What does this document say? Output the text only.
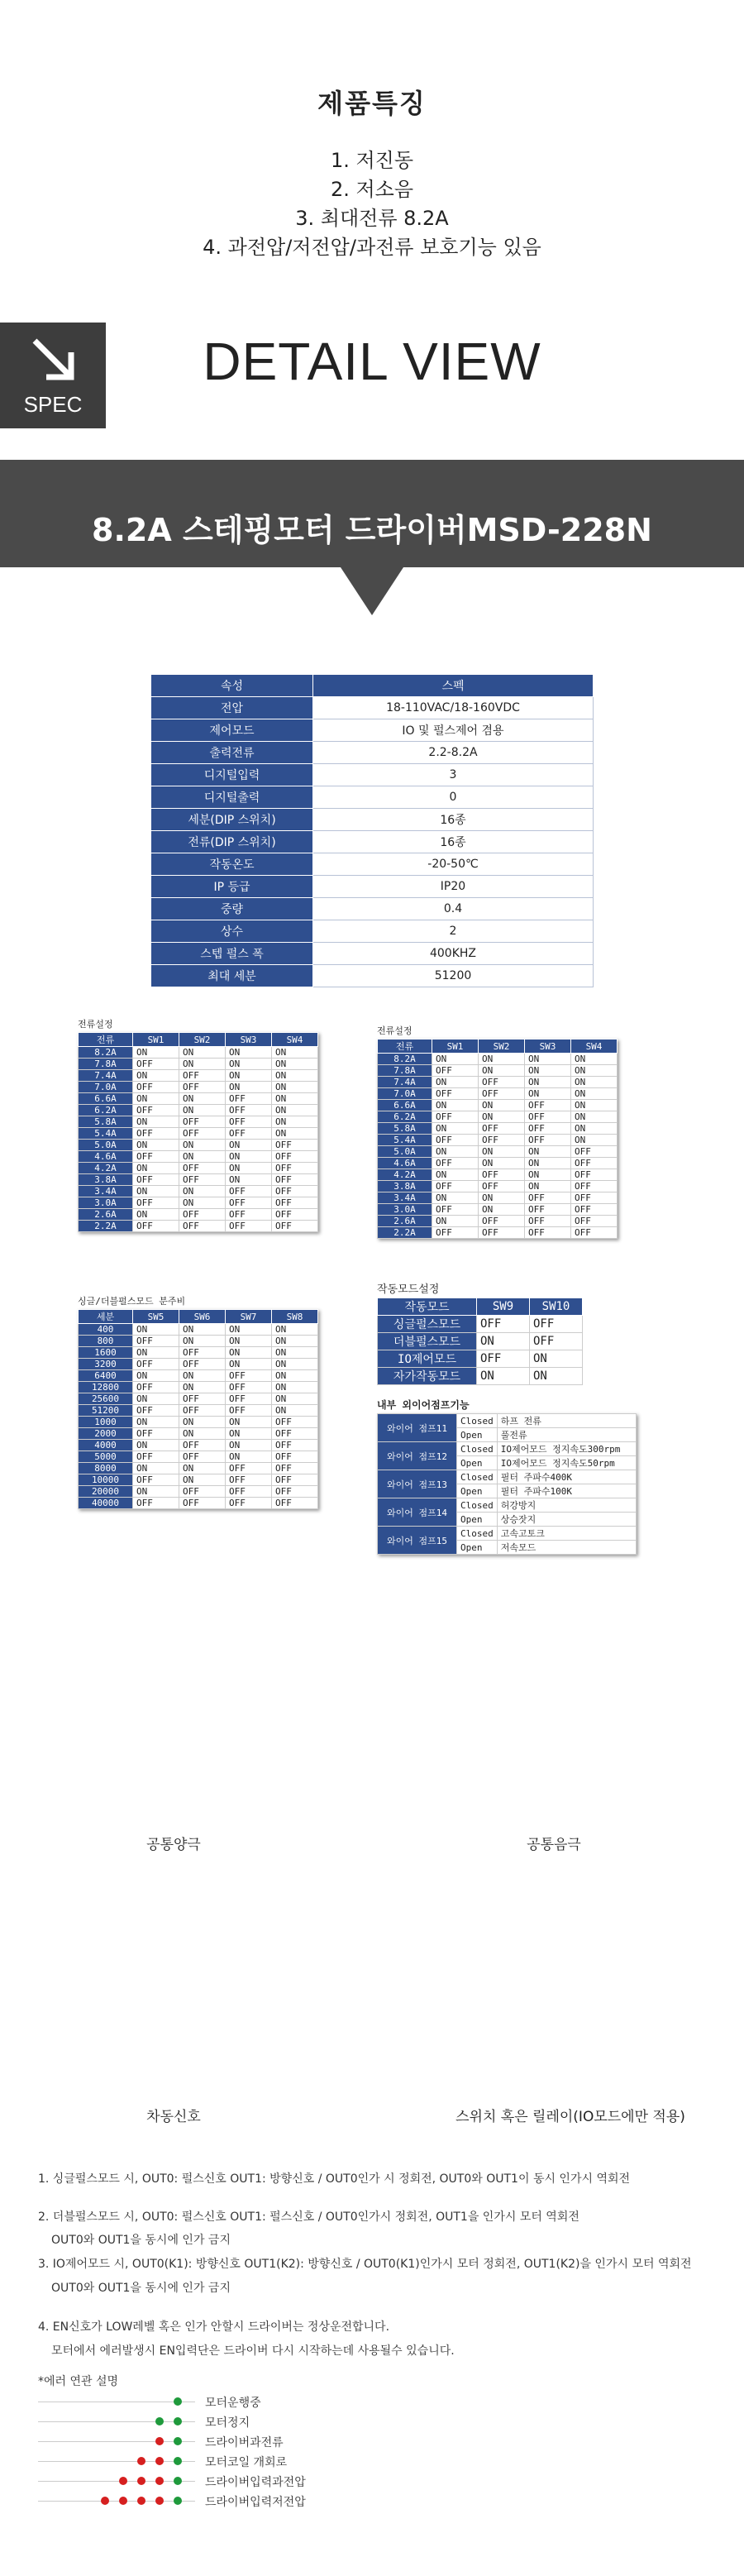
제품특징
1. 저진동
2. 저소음
3. 최대전류 8.2A
4. 과전압/저전압/과전류 보호기능 있음
SPEC
DETAIL VIEW
8.2A 스테핑모터 드라이버MSD-228N
속성	스펙
전압	18-110VAC/18-160VDC
제어모드	IO 및 펄스제어 겸용
출력전류	2.2-8.2A
디지털입력	3
디지털출력	0
세분(DIP 스위치)	16종
전류(DIP 스위치)	16종
작동온도	-20-50℃
IP 등급	IP20
중량	0.4
상수	2
스텝 펄스 폭	400KHZ
최대 세분	51200
전류설정
전류	SW1	SW2	SW3	SW4
8.2A	ON	ON	ON	ON
7.8A	OFF	ON	ON	ON
7.4A	ON	OFF	ON	ON
7.0A	OFF	OFF	ON	ON
6.6A	ON	ON	OFF	ON
6.2A	OFF	ON	OFF	ON
5.8A	ON	OFF	OFF	ON
5.4A	OFF	OFF	OFF	ON
5.0A	ON	ON	ON	OFF
4.6A	OFF	ON	ON	OFF
4.2A	ON	OFF	ON	OFF
3.8A	OFF	OFF	ON	OFF
3.4A	ON	ON	OFF	OFF
3.0A	OFF	ON	OFF	OFF
2.6A	ON	OFF	OFF	OFF
2.2A	OFF	OFF	OFF	OFF
전류설정
전류	SW1	SW2	SW3	SW4
8.2A	ON	ON	ON	ON
7.8A	OFF	ON	ON	ON
7.4A	ON	OFF	ON	ON
7.0A	OFF	OFF	ON	ON
6.6A	ON	ON	OFF	ON
6.2A	OFF	ON	OFF	ON
5.8A	ON	OFF	OFF	ON
5.4A	OFF	OFF	OFF	ON
5.0A	ON	ON	ON	OFF
4.6A	OFF	ON	ON	OFF
4.2A	ON	OFF	ON	OFF
3.8A	OFF	OFF	ON	OFF
3.4A	ON	ON	OFF	OFF
3.0A	OFF	ON	OFF	OFF
2.6A	ON	OFF	OFF	OFF
2.2A	OFF	OFF	OFF	OFF
싱글/더블펄스모드 분주비
세분	SW5	SW6	SW7	SW8
400	ON	ON	ON	ON
800	OFF	ON	ON	ON
1600	ON	OFF	ON	ON
3200	OFF	OFF	ON	ON
6400	ON	ON	OFF	ON
12800	OFF	ON	OFF	ON
25600	ON	OFF	OFF	ON
51200	OFF	OFF	OFF	ON
1000	ON	ON	ON	OFF
2000	OFF	ON	ON	OFF
4000	ON	OFF	ON	OFF
5000	OFF	OFF	ON	OFF
8000	ON	ON	OFF	OFF
10000	OFF	ON	OFF	OFF
20000	ON	OFF	OFF	OFF
40000	OFF	OFF	OFF	OFF
작동모드설정
작동모드	SW9	SW10
싱글펄스모드	OFF	OFF
더블펄스모드	ON	OFF
IO제어모드	OFF	ON
자가작동모드	ON	ON
내부 외이어점프기능
와이어 점프11	Closed	하프 전류
	Open	풀전류
와이어 점프12	Closed	IO제어모드 정지속도300rpm
	Open	IO제어모드 정지속도50rpm
와이어 점프13	Closed	필터 주파수400K
	Open	필터 주파수100K
와이어 점프14	Closed	허강방지
	Open	상승잣지
와이어 점프15	Closed	고속고토크
	Open	저속모드
공통양극	공통음극
차동신호	스위치 혹은 릴레이(IO모드에만 적용)
1. 싱글펄스모드 시, OUT0: 펄스신호 OUT1: 방향신호 / OUT0인가 시 정회전, OUT0와 OUT1이 동시 인가시 역회전
2. 더블펄스모드 시, OUT0: 펄스신호 OUT1: 펄스신호 / OUT0인가시 정회전, OUT1을 인가시 모터 역회전
OUT0와 OUT1을 동시에 인가 금지
3. IO제어모드 시, OUT0(K1): 방향신호 OUT1(K2): 방향신호 / OUT0(K1)인가시 모터 정회전, OUT1(K2)을 인가시 모터 역회전
OUT0와 OUT1을 동시에 인가 금지
4. EN신호가 LOW레벨 혹은 인가 안할시 드라이버는 정상운전합니다.
모터에서 에러발생시 EN입력단은 드라이버 다시 시작하는데 사용될수 있습니다.
*에러 연관 설명
모터운행중
모터정지
드라이버과전류
모터코일 개회로
드라이버입력과전압
드라이버입력저전압
